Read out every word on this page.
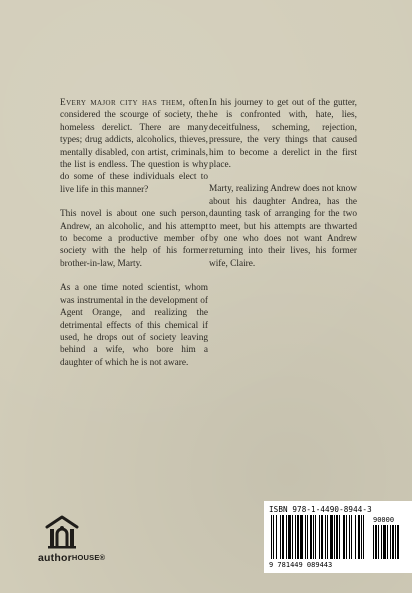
Every major city has them, often considered the scourge of society, the homeless derelict. There are many types; drug addicts, alcoholics, thieves, mentally disabled, con artist, criminals, the list is endless. The question is why do some of these individuals elect to live life in this manner?

This novel is about one such person, Andrew, an alcoholic, and his attempt to become a productive member of society with the help of his former brother-in-law, Marty.

As a one time noted scientist, whom was instrumental in the development of Agent Orange, and realizing the detrimental effects of this chemical if used, he drops out of society leaving behind a wife, who bore him a daughter of which he is not aware.

In his journey to get out of the gutter, he is confronted with, hate, lies, deceitfulness, scheming, rejection, pressure, the very things that caused him to become a derelict in the first place.

Marty, realizing Andrew does not know about his daughter Andrea, has the daunting task of arranging for the two to meet, but his attempts are thwarted by one who does not want Andrew returning into their lives, his former wife, Claire.

authorHOUSE®
ISBN 978-1-4490-8944-3
90000
9 781449 089443
